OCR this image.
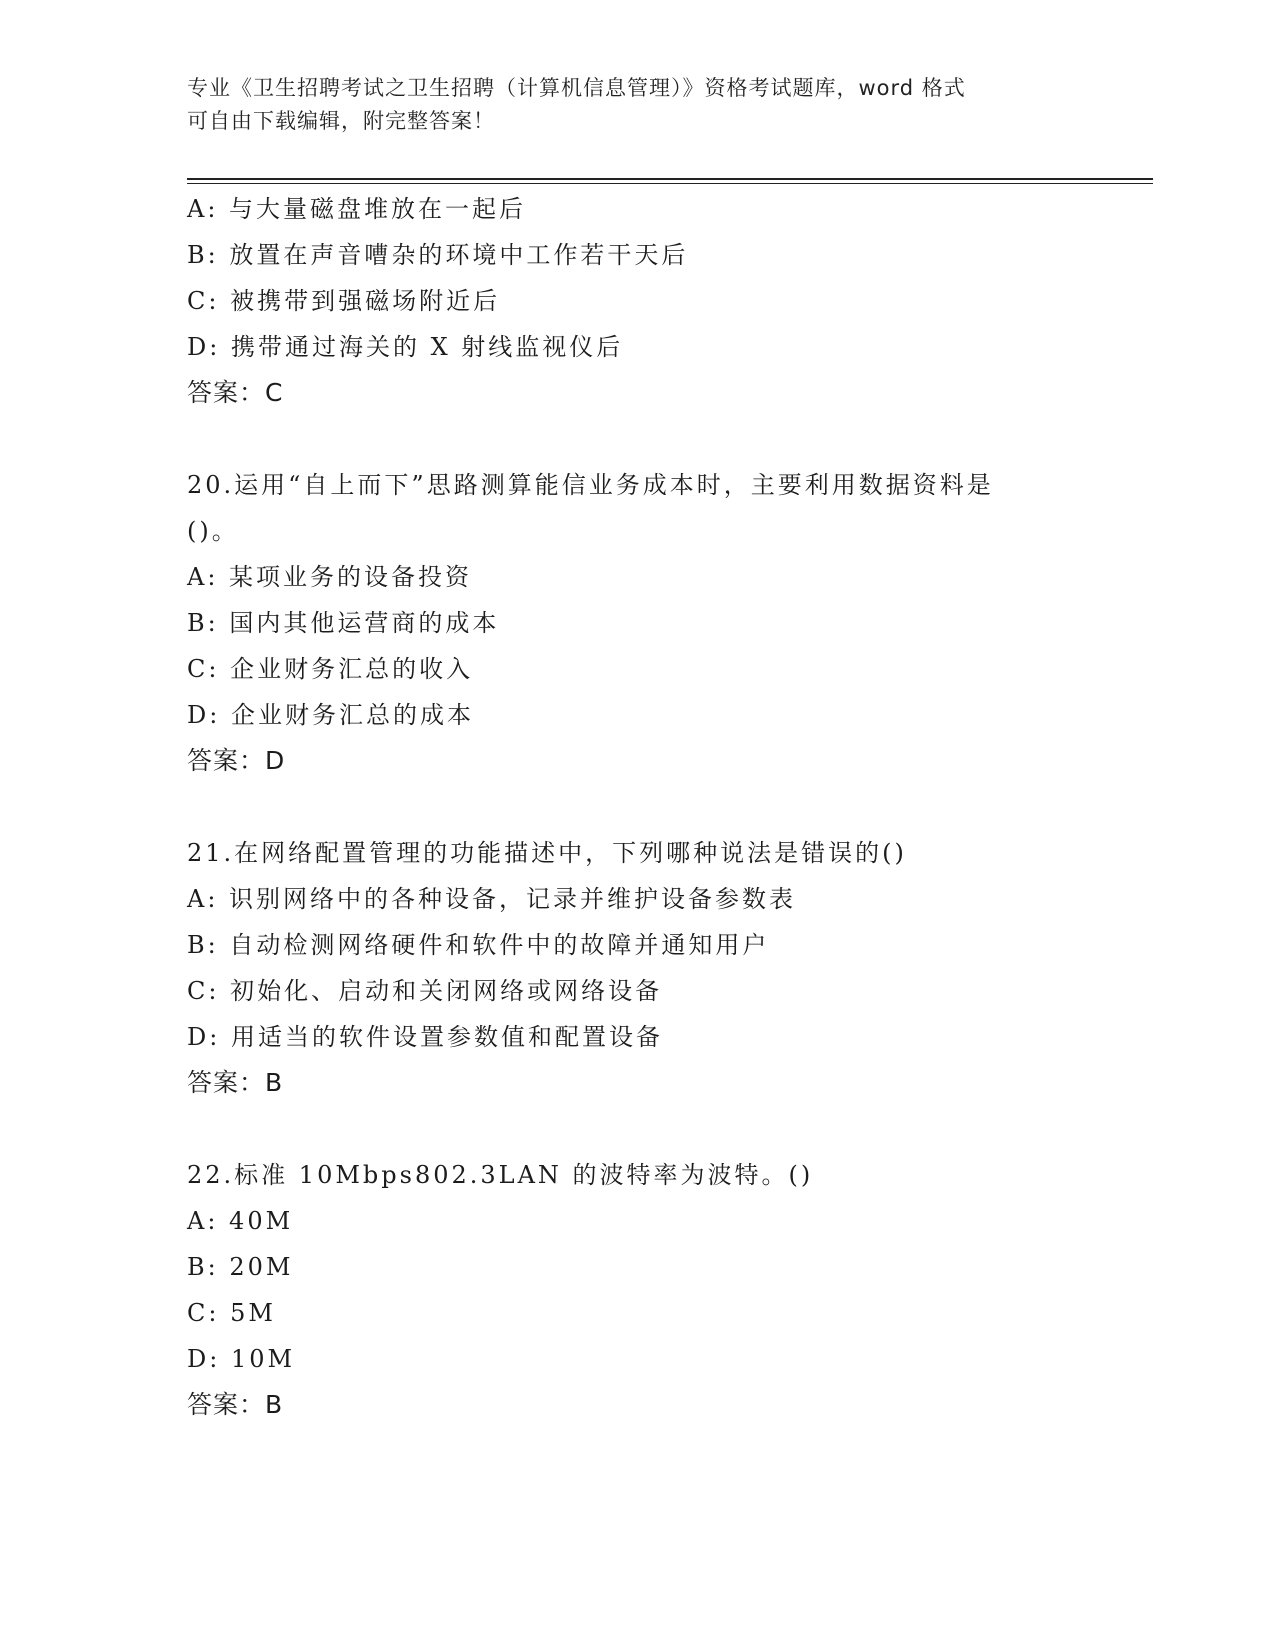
专业《卫生招聘考试之卫生招聘（计算机信息管理）》资格考试题库，word 格式
可自由下载编辑，附完整答案！
A: 与大量磁盘堆放在一起后
B: 放置在声音嘈杂的环境中工作若干天后
C: 被携带到强磁场附近后
D: 携带通过海关的 X 射线监视仪后
答案：C
20.运用“自上而下”思路测算能信业务成本时，主要利用数据资料是
()。
A: 某项业务的设备投资
B: 国内其他运营商的成本
C: 企业财务汇总的收入
D: 企业财务汇总的成本
答案：D
21.在网络配置管理的功能描述中，下列哪种说法是错误的()
A: 识别网络中的各种设备，记录并维护设备参数表
B: 自动检测网络硬件和软件中的故障并通知用户
C: 初始化、启动和关闭网络或网络设备
D: 用适当的软件设置参数值和配置设备
答案：B
22.标准 10Mbps802.3LAN 的波特率为波特。()
A: 40M
B: 20M
C: 5M
D: 10M
答案：B
